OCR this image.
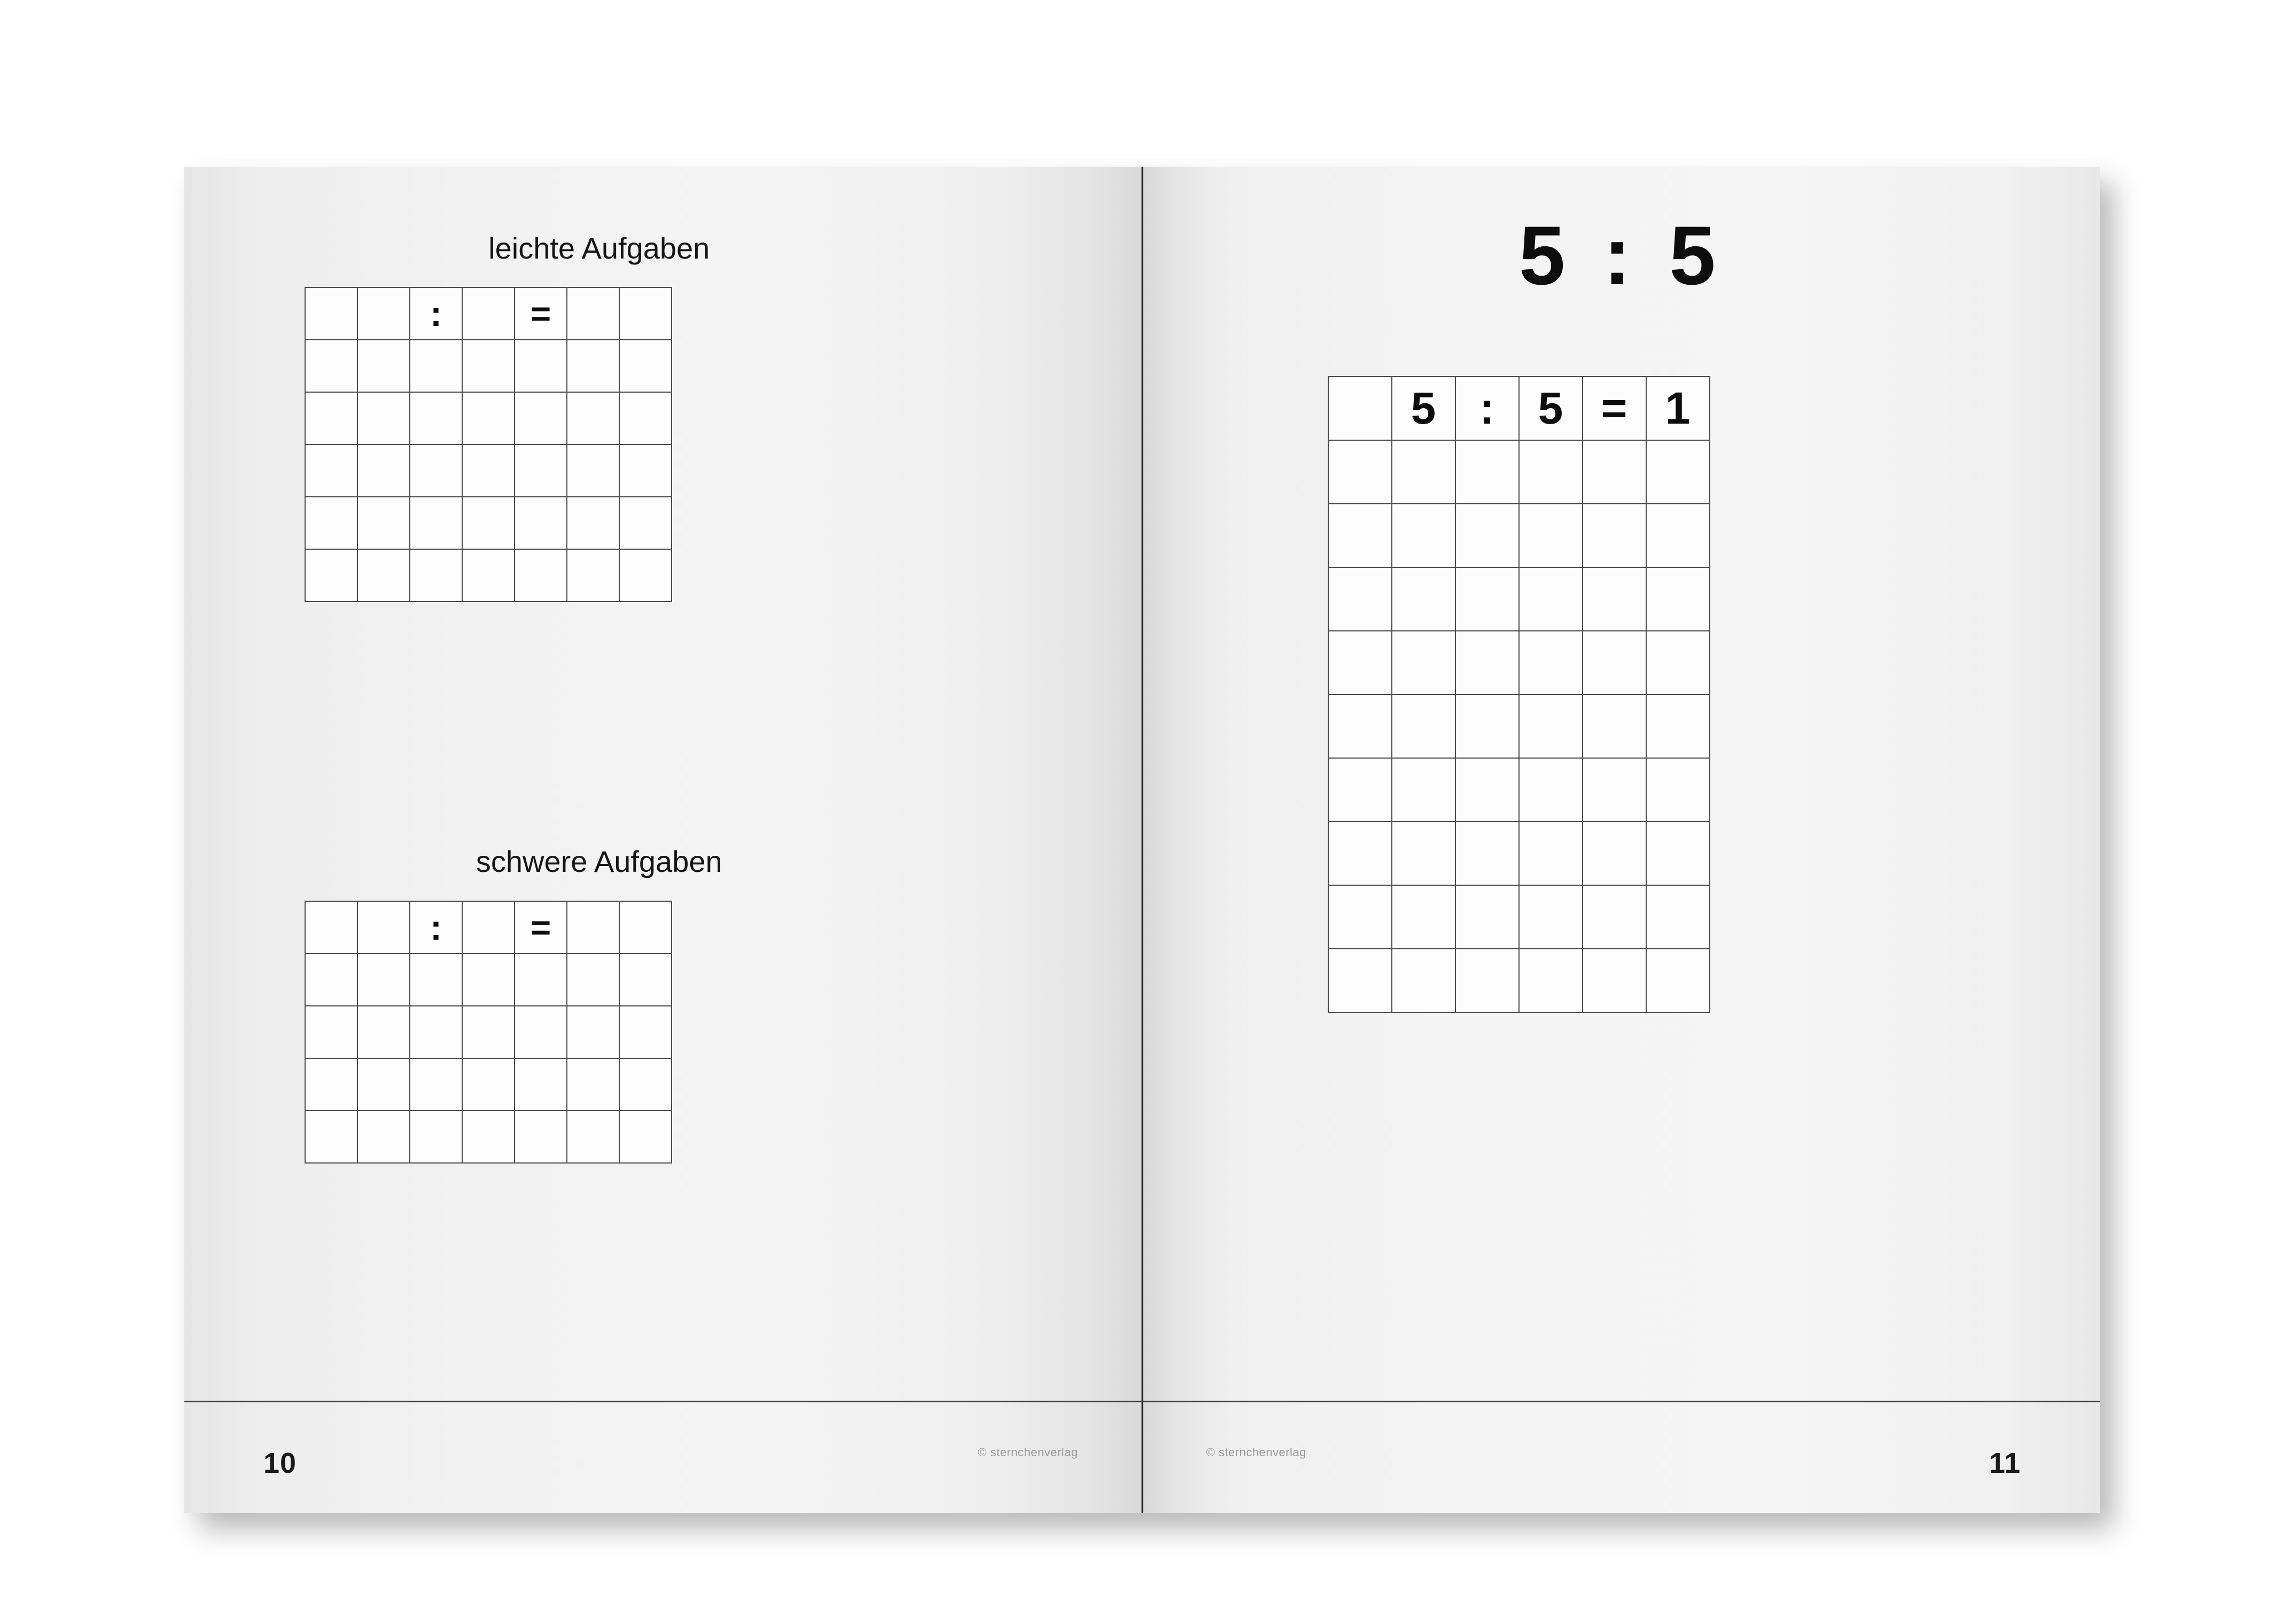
leichte Aufgaben
		:		=		

schwere Aufgaben
		:		=		

10	© sternchenverlag
5 : 5
	5	:	5	=	1

11
© sternchenverlag
